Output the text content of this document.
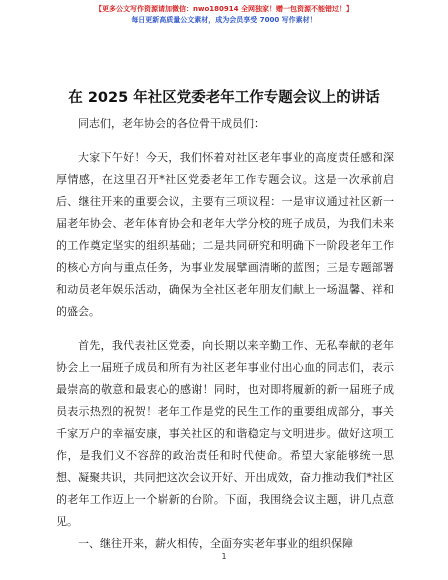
【更多公文写作资源请加微信：nwo180914 全网独家！赠一包资源不能错过！】
每日更新高质量公文素材，成为会员享受 7000 写作素材！
在 2025 年社区党委老年工作专题会议上的讲话

同志们，老年协会的各位骨干成员们：

大家下午好！今天，我们怀着对社区老年事业的高度责任感和深厚情感，在这里召开*社区党委老年工作专题会议。这是一次承前启后、继往开来的重要会议，主要有三项议程：一是审议通过社区新一届老年协会、老年体育协会和老年大学分校的班子成员，为我们未来的工作奠定坚实的组织基础；二是共同研究和明确下一阶段老年工作的核心方向与重点任务，为事业发展擘画清晰的蓝图；三是专题部署和动员老年娱乐活动，确保为全社区老年朋友们献上一场温馨、祥和的盛会。

首先，我代表社区党委，向长期以来辛勤工作、无私奉献的老年协会上一届班子成员和所有为社区老年事业付出心血的同志们，表示最崇高的敬意和最衷心的感谢！同时，也对即将履新的新一届班子成员表示热烈的祝贺！老年工作是党的民生工作的重要组成部分，事关千家万户的幸福安康，事关社区的和谐稳定与文明进步。做好这项工作，是我们义不容辞的政治责任和时代使命。希望大家能够统一思想、凝聚共识，共同把这次会议开好、开出成效，奋力推动我们*社区的老年工作迈上一个崭新的台阶。下面，我围绕会议主题，讲几点意见。

一、继往开来，薪火相传，全面夯实老年事业的组织保障

1
